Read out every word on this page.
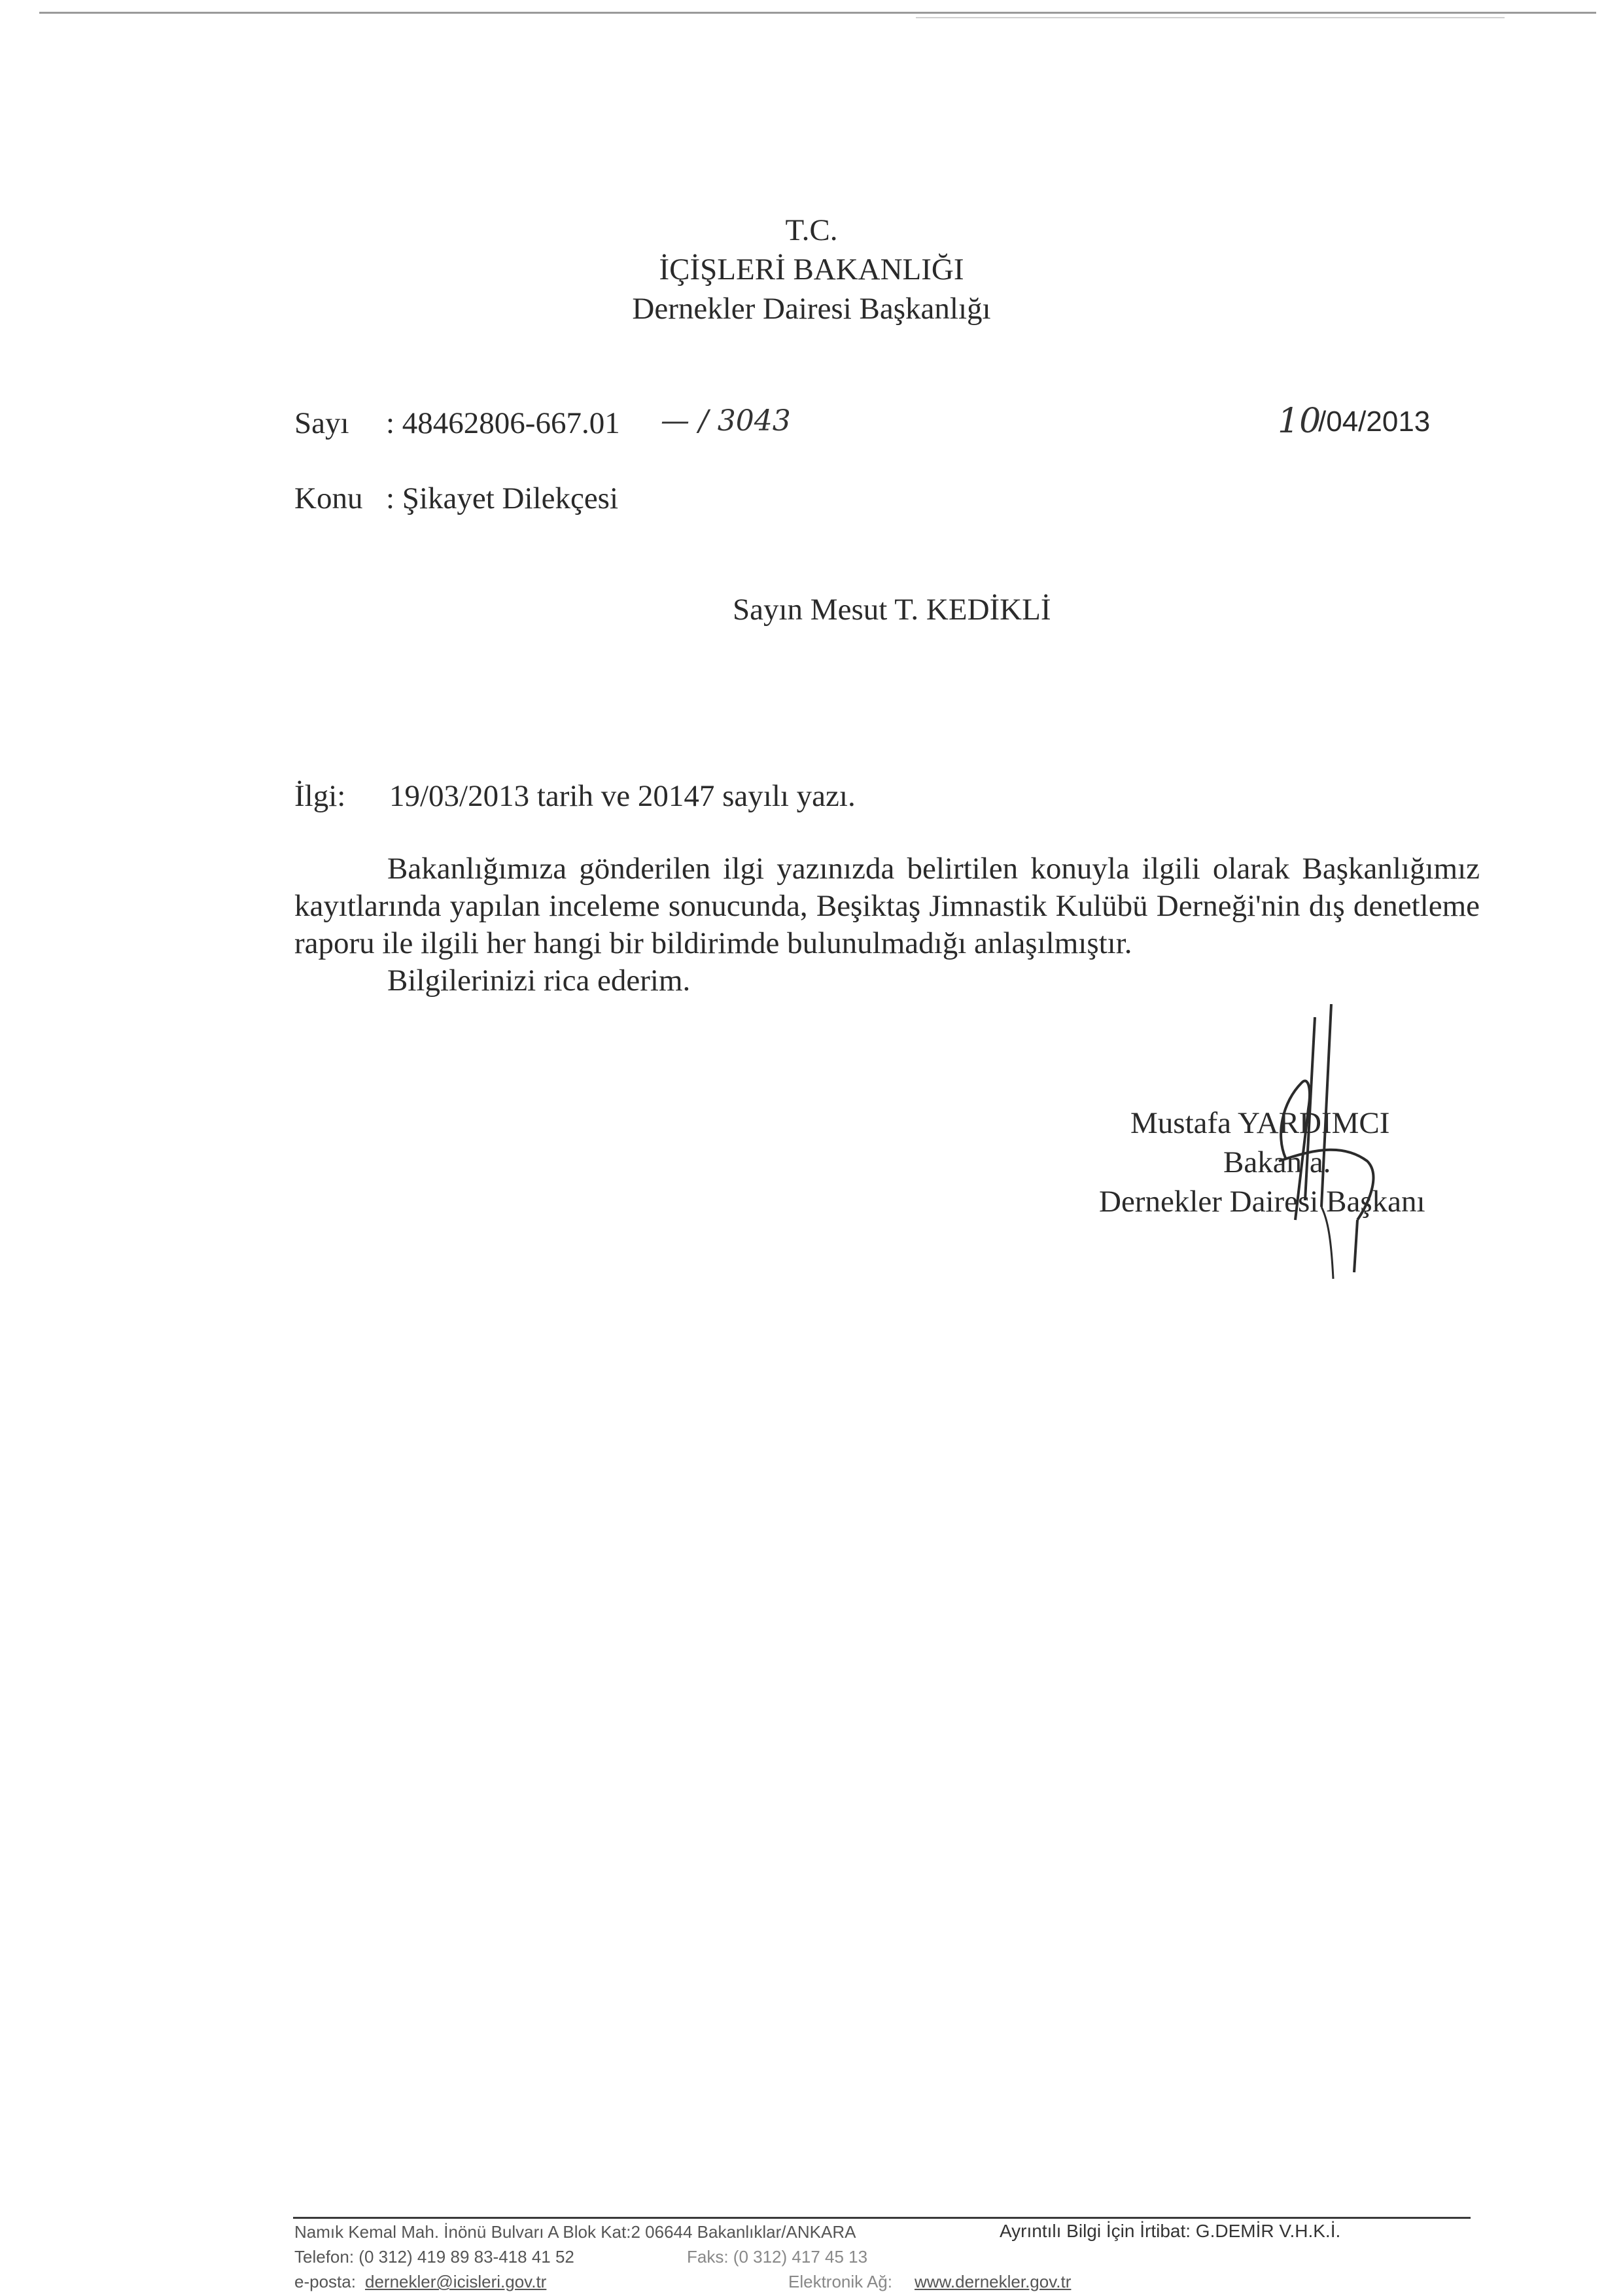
T.C.
İÇİŞLERİ BAKANLIĞI
Dernekler Dairesi Başkanlığı
Sayı : 48462806-667.01 — / 3043	10
/04/2013
Konu : Şikayet Dilekçesi
Sayın Mesut T. KEDİKLİ
İlgi: 19/03/2013 tarih ve 20147 sayılı yazı.

Bakanlığımıza gönderilen ilgi yazınızda belirtilen konuyla ilgili olarak Başkanlığımız kayıtlarında yapılan inceleme sonucunda, Beşiktaş Jimnastik Kulübü Derneği'nin dış denetleme raporu ile ilgili her hangi bir bildirimde bulunulmadığı anlaşılmıştır.

Bilgilerinizi rica ederim.

Mustafa YARDIMCI
Bakan a.
Dernekler Dairesi Başkanı
Namık Kemal Mah. İnönü Bulvarı A Blok Kat:2 06644 Bakanlıklar/ANKARA	Ayrıntılı Bilgi İçin İrtibat: G.DEMİR V.H.K.İ.
Telefon: (0 312) 419 89 83-418 41 52	Faks: (0 312) 417 45 13
e-posta: dernekler@icisleri.gov.tr	Elektronik Ağ: www.dernekler.gov.tr
